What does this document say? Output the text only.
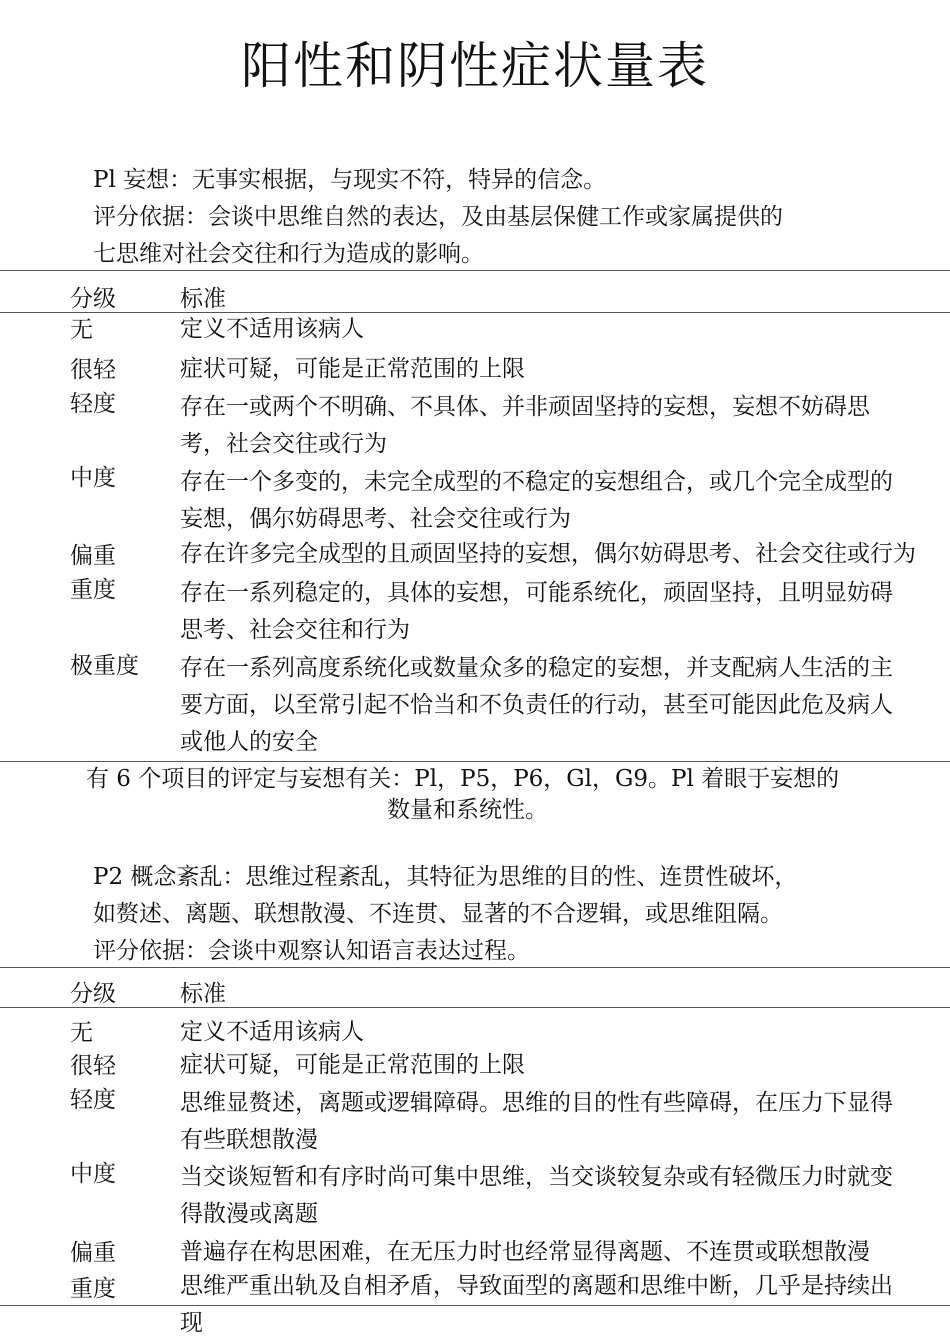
阳性和阴性症状量表
Pl 妄想：无事实根据，与现实不符，特异的信念。
评分依据：会谈中思维自然的表达，及由基层保健工作或家属提供的
七思维对社会交往和行为造成的影响。
分级	标准
无	定义不适用该病人
很轻	症状可疑，可能是正常范围的上限
轻度	存在一或两个不明确、不具体、并非顽固坚持的妄想，妄想不妨碍思
考，社会交往或行为
中度	存在一个多变的，未完全成型的不稳定的妄想组合，或几个完全成型的
妄想，偶尔妨碍思考、社会交往或行为
偏重	存在许多完全成型的且顽固坚持的妄想，偶尔妨碍思考、社会交往或行为
重度	存在一系列稳定的，具体的妄想，可能系统化，顽固坚持，且明显妨碍
思考、社会交往和行为
极重度 存在一系列高度系统化或数量众多的稳定的妄想，并支配病人生活的主
要方面，以至常引起不恰当和不负责任的行动，甚至可能因此危及病人
或他人的安全
有 6 个项目的评定与妄想有关：Pl，P5，P6，Gl，G9。Pl 着眼于妄想的
数量和系统性。
P2 概念紊乱：思维过程紊乱，其特征为思维的目的性、连贯性破坏，
如赘述、离题、联想散漫、不连贯、显著的不合逻辑，或思维阻隔。
评分依据：会谈中观察认知语言表达过程。
分级	标准
无	定义不适用该病人
很轻	症状可疑，可能是正常范围的上限
轻度	思维显赘述，离题或逻辑障碍。思维的目的性有些障碍，在压力下显得
有些联想散漫
中度	当交谈短暂和有序时尚可集中思维，当交谈较复杂或有轻微压力时就变
得散漫或离题
偏重	普遍存在构思困难，在无压力时也经常显得离题、不连贯或联想散漫
重度	思维严重出轨及自相矛盾，导致面型的离题和思维中断，几乎是持续出
现
